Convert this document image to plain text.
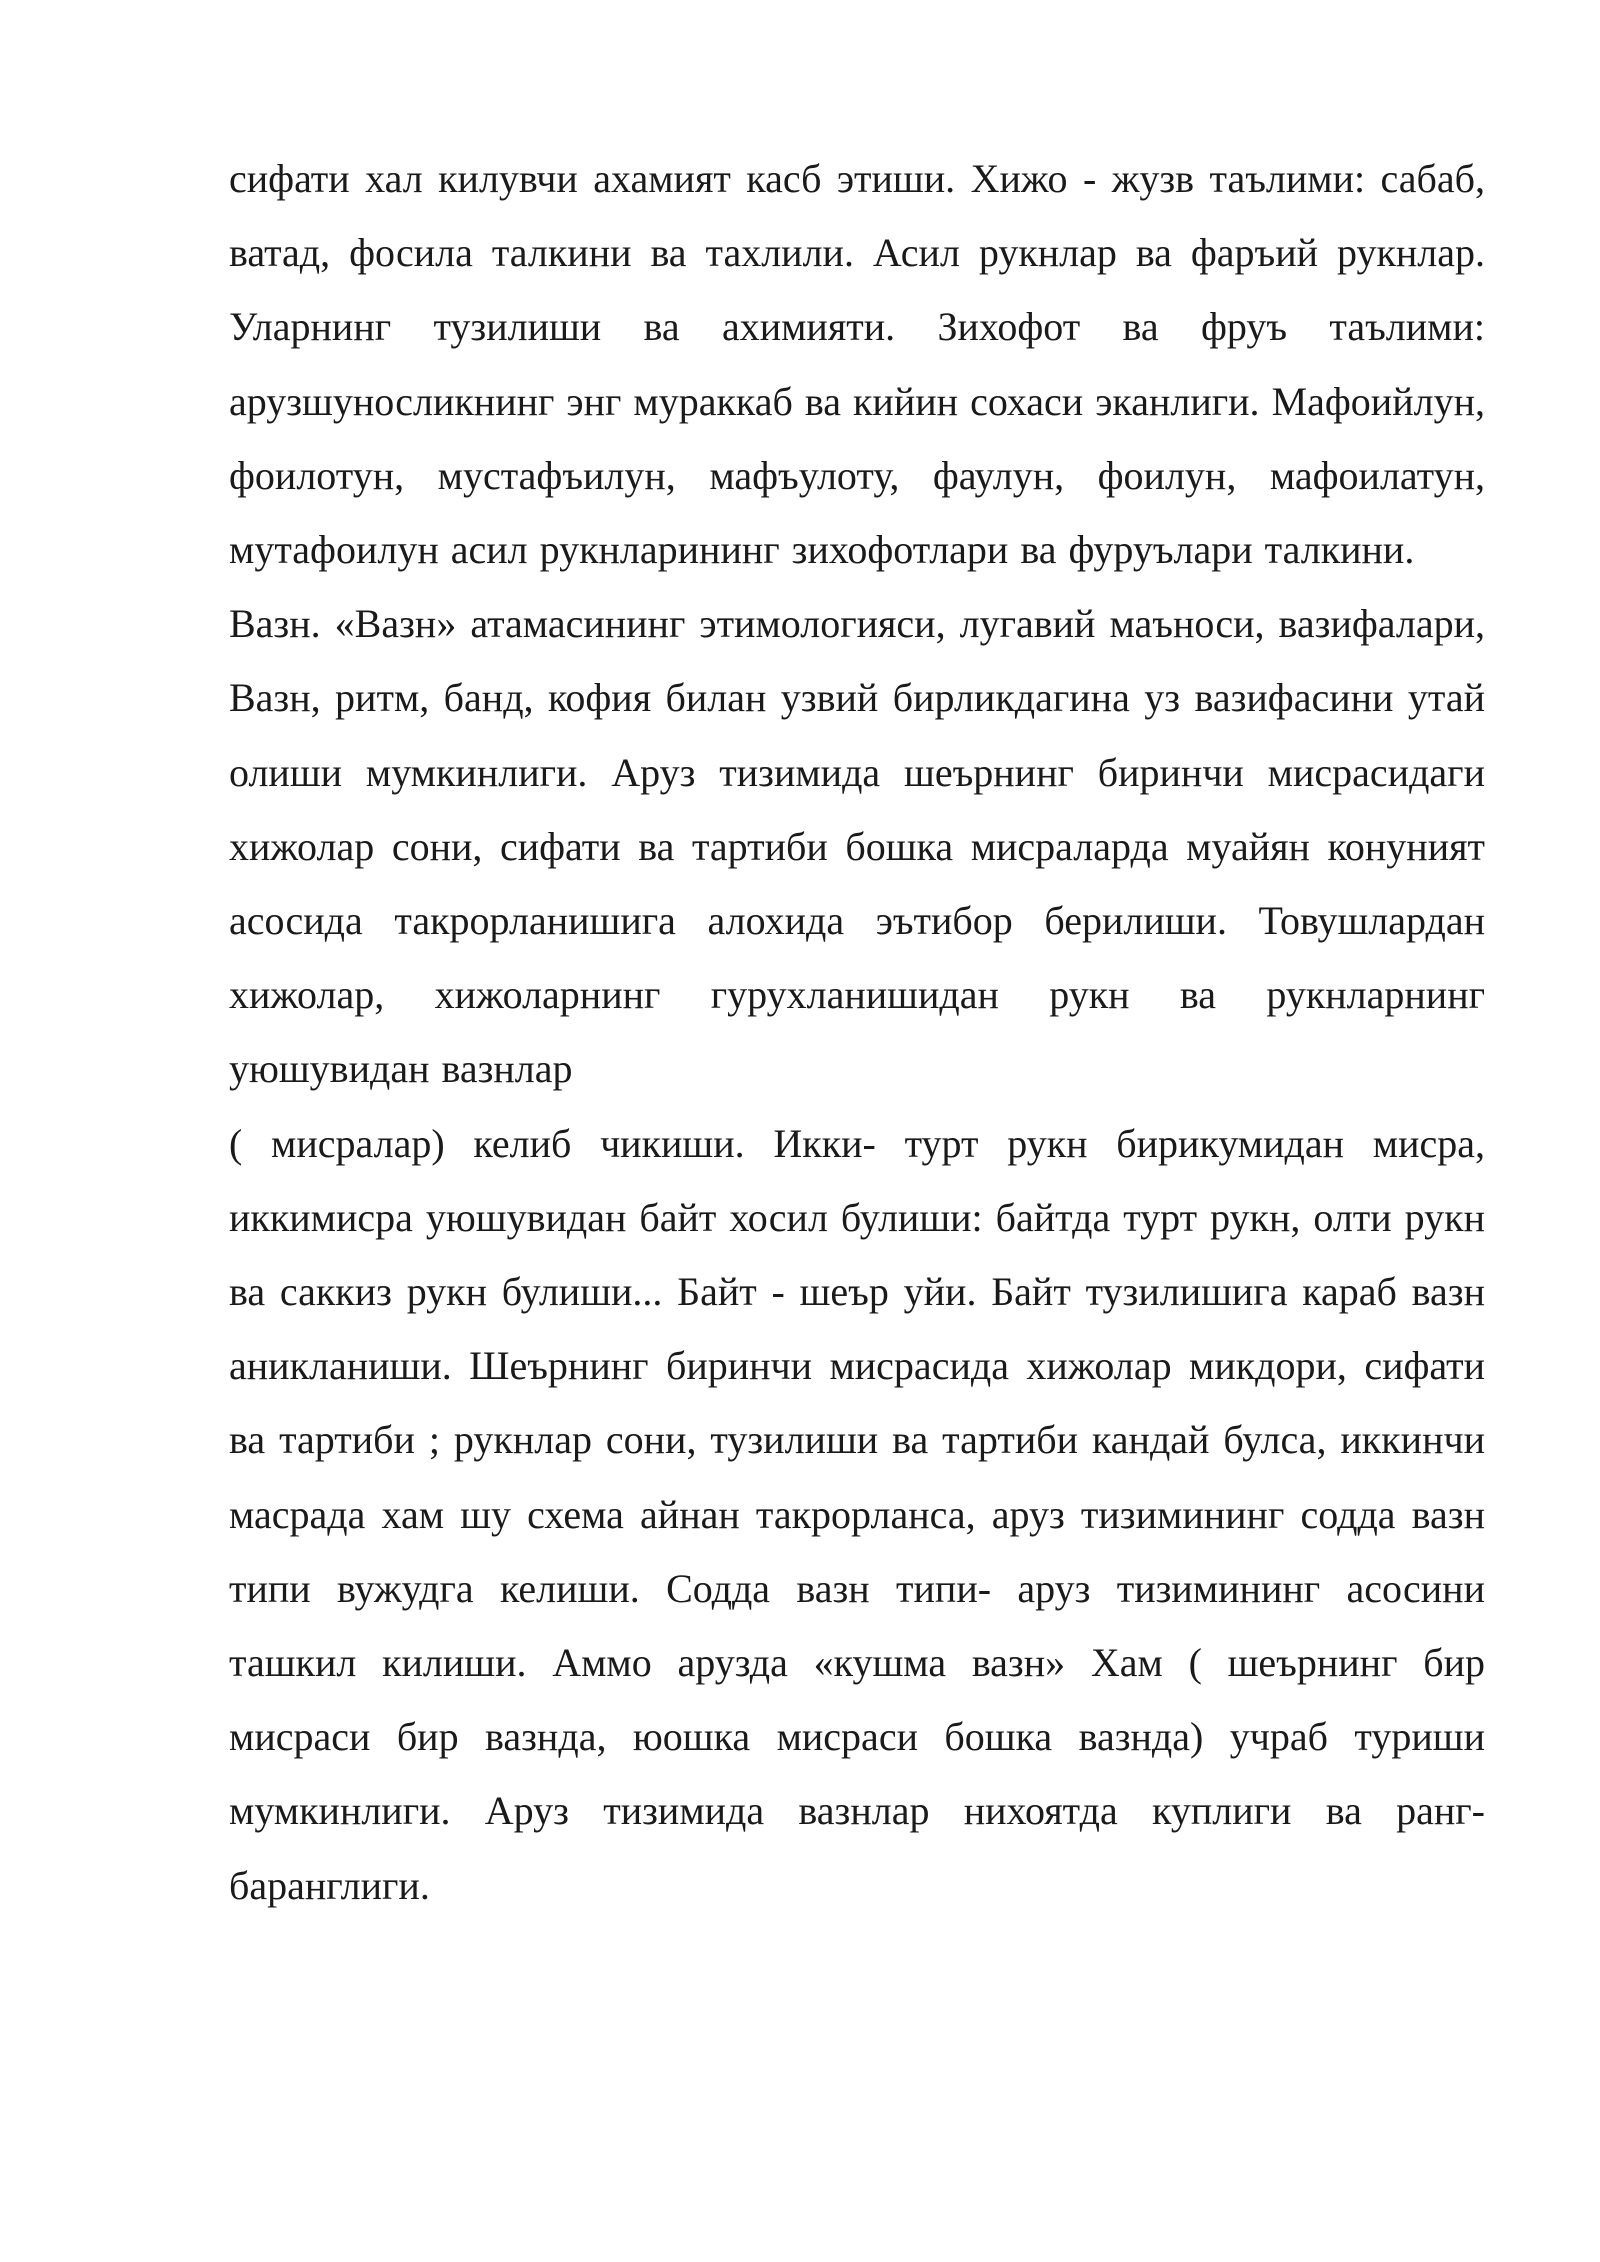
сифати хал килувчи ахамият касб этиши. Хижо - жузв таълими: сабаб, ватад, фосила талкини ва тахлили. Асил рукнлар ва фаръий рукнлар. Уларнинг тузилиши ва ахимияти. Зихофот ва фруъ таълими: арузшуносликнинг энг мураккаб ва кийин сохаси эканлиги. Мафоийлун, фоилотун, мустафъилун, мафъулоту, фаулун, фоилун, мафоилатун, мутафоилун асил рукнларининг зихофотлари ва фуруълари талкини.

Вазн. «Вазн» атамасининг этимологияси, лугавий маъноси, вазифалари, Вазн, ритм, банд, кофия билан узвий бирликдагина уз вазифасини утай олиши мумкинлиги. Аруз тизимида шеърнинг биринчи мисрасидаги хижолар сони, сифати ва тартиби бошка мисраларда муайян конуният асосида такрорланишига алохида эътибор берилиши. Товушлардан хижолар, хижоларнинг гурухланишидан рукн ва рукнларнинг уюшувидан вазнлар

( мисралар) келиб чикиши. Икки- турт рукн бирикумидан мисра, иккимисра уюшувидан байт хосил булиши: байтда турт рукн, олти рукн ва саккиз рукн булиши... Байт - шеър уйи. Байт тузилишига караб вазн аникланиши. Шеърнинг биринчи мисрасида хижолар микдори, сифати ва тартиби ; рукнлар сони, тузилиши ва тартиби кандай булса, иккинчи масрада хам шу схема айнан такрорланса, аруз тизимининг содда вазн типи вужудга келиши. Содда вазн типи- аруз тизимининг асосини ташкил килиши. Аммо арузда «кушма вазн» Хам ( шеърнинг бир мисраси бир вазнда, юошка мисраси бошка вазнда) учраб туриши мумкинлиги. Аруз тизимида вазнлар нихоятда куплиги ва ранг-баранглиги.
